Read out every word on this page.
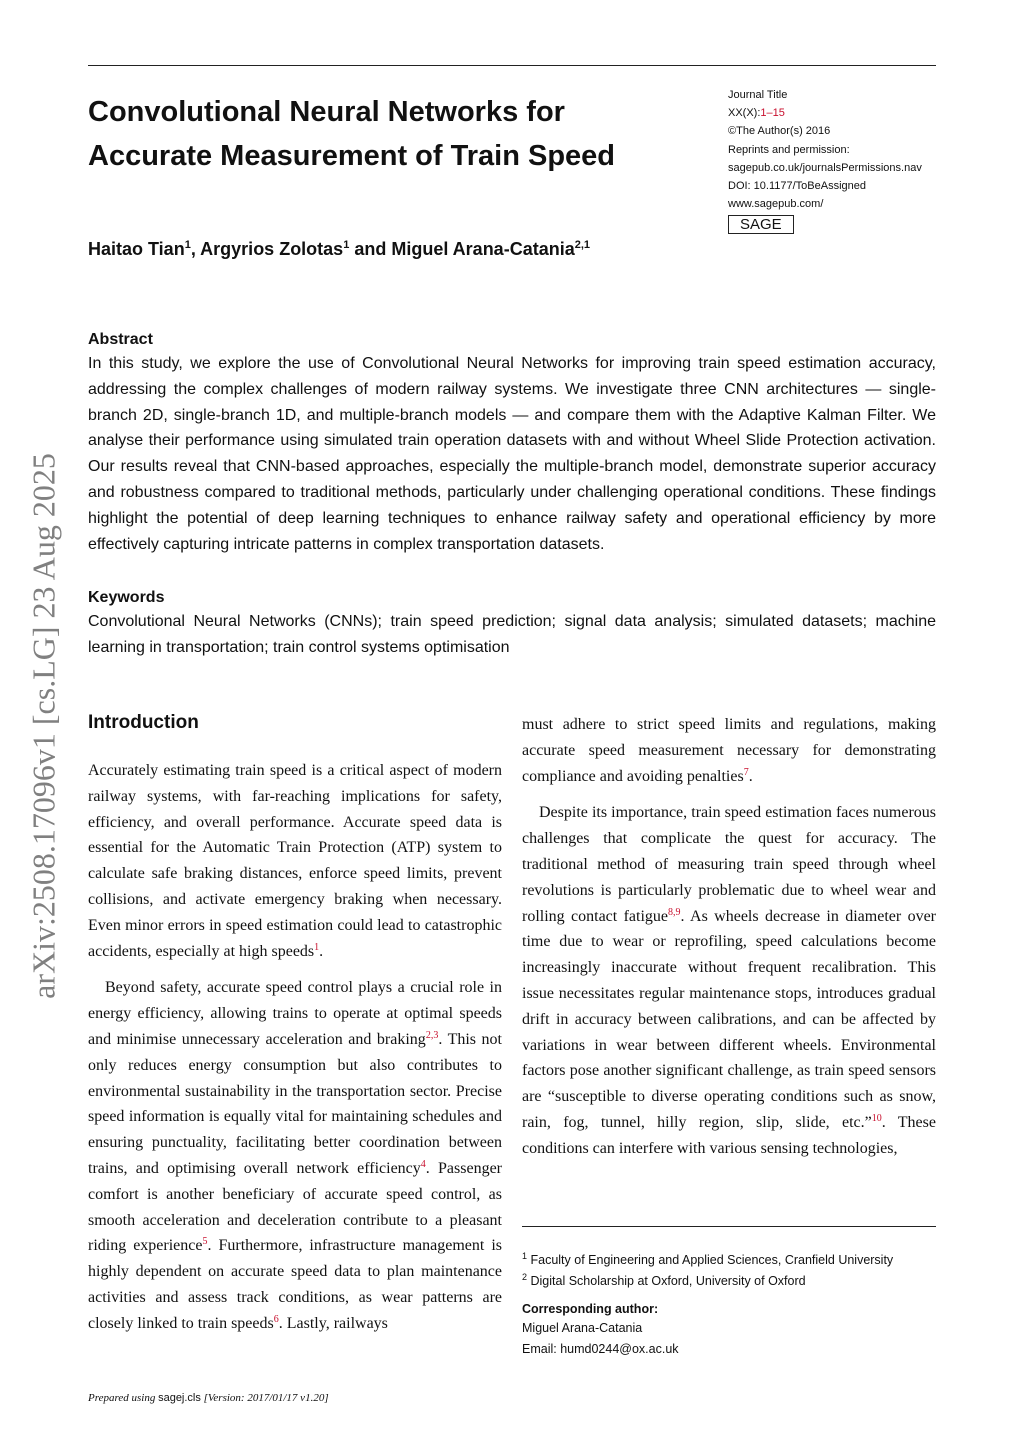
Convolutional Neural Networks for
Accurate Measurement of Train Speed
Journal Title
XX(X):1–15
©The Author(s) 2016
Reprints and permission:
sagepub.co.uk/journalsPermissions.nav
DOI: 10.1177/ToBeAssigned
www.sagepub.com/
SAGE
Haitao Tian$^1$, Argyrios Zolotas$^1$ and Miguel Arana-Catania$^{2,1}$
Abstract

In this study, we explore the use of Convolutional Neural Networks for improving train speed estimation accuracy, addressing the complex challenges of modern railway systems. We investigate three CNN architectures — single-branch 2D, single-branch 1D, and multiple-branch models — and compare them with the Adaptive Kalman Filter. We analyse their performance using simulated train operation datasets with and without Wheel Slide Protection activation. Our results reveal that CNN-based approaches, especially the multiple-branch model, demonstrate superior accuracy and robustness compared to traditional methods, particularly under challenging operational conditions. These findings highlight the potential of deep learning techniques to enhance railway safety and operational efficiency by more effectively capturing intricate patterns in complex transportation datasets.

Keywords

Convolutional Neural Networks (CNNs); train speed prediction; signal data analysis; simulated datasets; machine learning in transportation; train control systems optimisation

Introduction

Accurately estimating train speed is a critical aspect of modern railway systems, with far-reaching implications for safety, efficiency, and overall performance. Accurate speed data is essential for the Automatic Train Protection (ATP) system to calculate safe braking distances, enforce speed limits, prevent collisions, and activate emergency braking when necessary. Even minor errors in speed estimation could lead to catastrophic accidents, especially at high speeds$^1$.

Beyond safety, accurate speed control plays a crucial role in energy efficiency, allowing trains to operate at optimal speeds and minimise unnecessary acceleration and braking$^{2,3}$. This not only reduces energy consumption but also contributes to environmental sustainability in the transportation sector. Precise speed information is equally vital for maintaining schedules and ensuring punctuality, facilitating better coordination between trains, and optimising overall network efficiency$^4$. Passenger comfort is another beneficiary of accurate speed control, as smooth acceleration and deceleration contribute to a pleasant riding experience$^5$. Furthermore, infrastructure management is highly dependent on accurate speed data to plan maintenance activities and assess track conditions, as wear patterns are closely linked to train speeds$^6$. Lastly, railways

must adhere to strict speed limits and regulations, making accurate speed measurement necessary for demonstrating compliance and avoiding penalties$^7$.

Despite its importance, train speed estimation faces numerous challenges that complicate the quest for accuracy. The traditional method of measuring train speed through wheel revolutions is particularly problematic due to wheel wear and rolling contact fatigue$^{8,9}$. As wheels decrease in diameter over time due to wear or reprofiling, speed calculations become increasingly inaccurate without frequent recalibration. This issue necessitates regular maintenance stops, introduces gradual drift in accuracy between calibrations, and can be affected by variations in wear between different wheels. Environmental factors pose another significant challenge, as train speed sensors are “susceptible to diverse operating conditions such as snow, rain, fog, tunnel, hilly region, slip, slide, etc.”$^{10}$. These conditions can interfere with various sensing technologies,

$^1$ Faculty of Engineering and Applied Sciences, Cranfield University
$^2$ Digital Scholarship at Oxford, University of Oxford
Corresponding author:
Miguel Arana-Catania
Email: humd0244@ox.ac.uk
Prepared using sagej.cls [Version: 2017/01/17 v1.20]
arXiv:2508.17096v1 [cs.LG] 23 Aug 2025
